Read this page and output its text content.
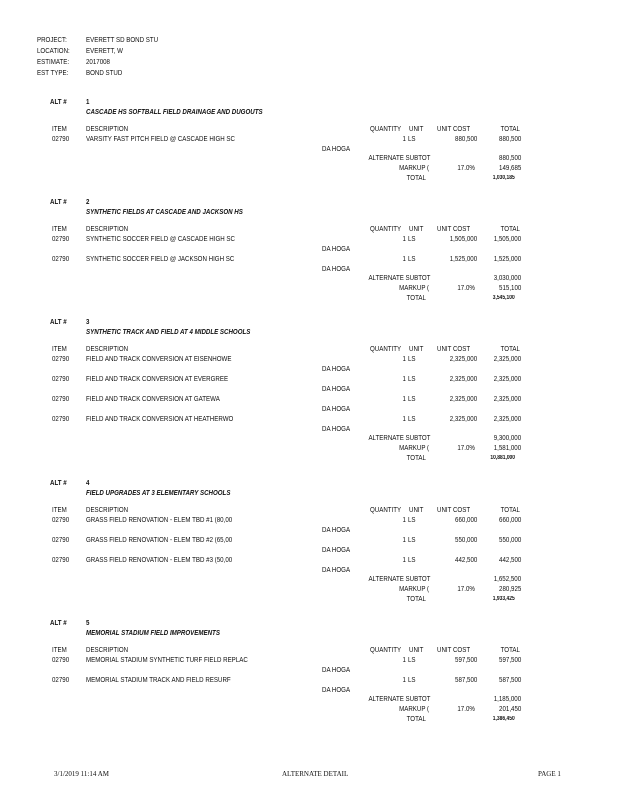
PROJECT:	EVERETT SD BOND STU
LOCATION: EVERETT, W
ESTIMATE: 2017008
EST TYPE:	BOND STUD
ALT #	1
CASCADE HS SOFTBALL FIELD DRAINAGE AND DUGOUTS
ITEM	DESCRIPTION	QUANTITY UNIT UNIT COST	TOTAL
02790 VARSITY FAST PITCH FIELD @ CASCADE HIGH SC	1 LS	880,500	880,500
DA HOGA
ALTERNATE SUBTOT	880,500
MARKUP (	17.0%	149,685
TOTAL	1,030,185
ALT #	2
SYNTHETIC FIELDS AT CASCADE AND JACKSON HS
ITEM	DESCRIPTION	QUANTITY UNIT UNIT COST	TOTAL
02790 SYNTHETIC SOCCER FIELD @ CASCADE HIGH SC	1 LS	1,505,000 1,505,000
DA HOGA
02790 SYNTHETIC SOCCER FIELD @ JACKSON HIGH SC	1 LS	1,525,000 1,525,000
DA HOGA
ALTERNATE SUBTOT	3,030,000
MARKUP (	17.0%	515,100
TOTAL	3,545,100
ALT #	3
SYNTHETIC TRACK AND FIELD AT 4 MIDDLE SCHOOLS
ITEM	DESCRIPTION	QUANTITY UNIT UNIT COST	TOTAL
02790 FIELD AND TRACK CONVERSION AT EISENHOWE	1 LS	2,325,000 2,325,000
DA HOGA
02790 FIELD AND TRACK CONVERSION AT EVERGREE	1 LS	2,325,000 2,325,000
DA HOGA
02790 FIELD AND TRACK CONVERSION AT GATEWA	1 LS	2,325,000 2,325,000
DA HOGA
02790 FIELD AND TRACK CONVERSION AT HEATHERWO	1 LS	2,325,000 2,325,000
DA HOGA
ALTERNATE SUBTOT	9,300,000
MARKUP (	17.0%	1,581,000
TOTAL	10,881,000
ALT #	4
FIELD UPGRADES AT 3 ELEMENTARY SCHOOLS
ITEM	DESCRIPTION	QUANTITY UNIT UNIT COST	TOTAL
02790 GRASS FIELD RENOVATION - ELEM TBD #1 (80,00	1 LS	660,000	660,000
DA HOGA
02790 GRASS FIELD RENOVATION - ELEM TBD #2 (65,00	1 LS	550,000	550,000
DA HOGA
02790 GRASS FIELD RENOVATION - ELEM TBD #3 (50,00	1 LS	442,500	442,500
DA HOGA
ALTERNATE SUBTOT	1,652,500
MARKUP (	17.0%	280,925
TOTAL	1,933,425
ALT #	5
MEMORIAL STADIUM FIELD IMPROVEMENTS
ITEM	DESCRIPTION	QUANTITY UNIT UNIT COST	TOTAL
02790 MEMORIAL STADIUM SYNTHETIC TURF FIELD REPLAC	1 LS	597,500	597,500
DA HOGA
02790 MEMORIAL STADIUM TRACK AND FIELD RESURF	1 LS	587,500	587,500
DA HOGA
ALTERNATE SUBTOT	1,185,000
MARKUP (	17.0%	201,450
TOTAL	1,386,450
3/1/2019 11:14 AM	ALTERNATE DETAIL	PAGE 1
